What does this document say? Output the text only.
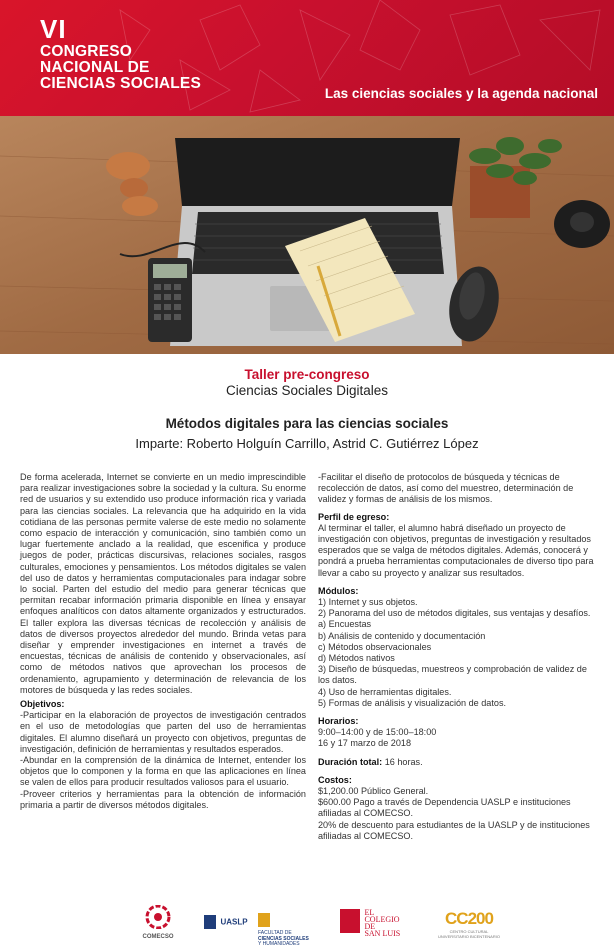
VI
CONGRESO
NACIONAL DE
CIENCIAS SOCIALES
Las ciencias sociales y la agenda nacional
Taller pre-congreso
Ciencias Sociales Digitales
Métodos digitales para las ciencias sociales
Imparte: Roberto Holguín Carrillo, Astrid C. Gutiérrez López

De forma acelerada, Internet se convierte en un medio imprescindible para realizar investigaciones sobre la sociedad y la cultura. Su enorme red de usuarios y su extendido uso produce información rica y variada para las ciencias sociales. La relevancia que ha adquirido en la vida cotidiana de las personas permite valerse de este medio no solamente como espacio de interacción y comunicación, sino también como un lugar fuertemente anclado a la realidad, que escenifica y produce juegos de poder, prácticas discursivas, relaciones sociales, rasgos culturales, emociones y pensamientos. Los métodos digitales se valen del uso de datos y herramientas computacionales para indagar sobre lo social. Parten del estudio del medio para generar técnicas que permitan recabar información primaria disponible en línea y ensayar enfoques analíticos con datos altamente organizados y estructurados. El taller explora las diversas técnicas de recolección y análisis de datos de diversos proyectos alrededor del mundo. Brinda vetas para diseñar y emprender investigaciones en internet a través de encuestas, técnicas de análisis de contenido y observacionales, así como de métodos nativos que aprovechan los procesos de ordenamiento, agrupamiento y determinación de relevancia de los motores de búsqueda y las redes sociales.

Objetivos:

-Participar en la elaboración de proyectos de investigación centrados en el uso de metodologías que parten del uso de herramientas digitales. El alumno diseñará un proyecto con objetivos, preguntas de investigación, definición de herramientas y resultados esperados.

-Abundar en la comprensión de la dinámica de Internet, entender los objetos que lo componen y la forma en que las aplicaciones en línea se valen de ellos para producir resultados valiosos para el usuario.

-Proveer criterios y herramientas para la obtención de información primaria a partir de diversos métodos digitales.

-Facilitar el diseño de protocolos de búsqueda y técnicas de recolección de datos, así como del muestreo, determinación de validez y formas de análisis de los mismos.

Perfil de egreso:

Al terminar el taller, el alumno habrá diseñado un proyecto de investigación con objetivos, preguntas de investigación y resultados esperados que se valga de métodos digitales. Además, conocerá y pondrá a prueba herramientas computacionales de diverso tipo para llevar a cabo su proyecto y analizar sus resultados.

Módulos:
1) Internet y sus objetos.
2) Panorama del uso de métodos digitales, sus ventajas y desafíos.
a) Encuestas
b) Análisis de contenido y documentación
c) Métodos observacionales
d) Métodos nativos
3) Diseño de búsquedas, muestreos y comprobación de validez de los datos.
4) Uso de herramientas digitales.
5) Formas de análisis y visualización de datos.
Horarios:
9:00–14:00 y de 15:00–18:00
16 y 17 marzo de 2018
Duración total: 16 horas.
Costos:
$1,200.00 Público General.
$600.00 Pago a través de Dependencia UASLP e instituciones afiliadas al COMECSO.
20% de descuento para estudiantes de la UASLP y de instituciones afiliadas al COMECSO.
COMECSO
UASLP

FACULTAD DE
CIENCIAS SOCIALES
Y HUMANIDADES
EL
COLEGIO
DE
SAN LUIS
CC200
CENTRO CULTURAL UNIVERSITARIO BICENTENARIO
